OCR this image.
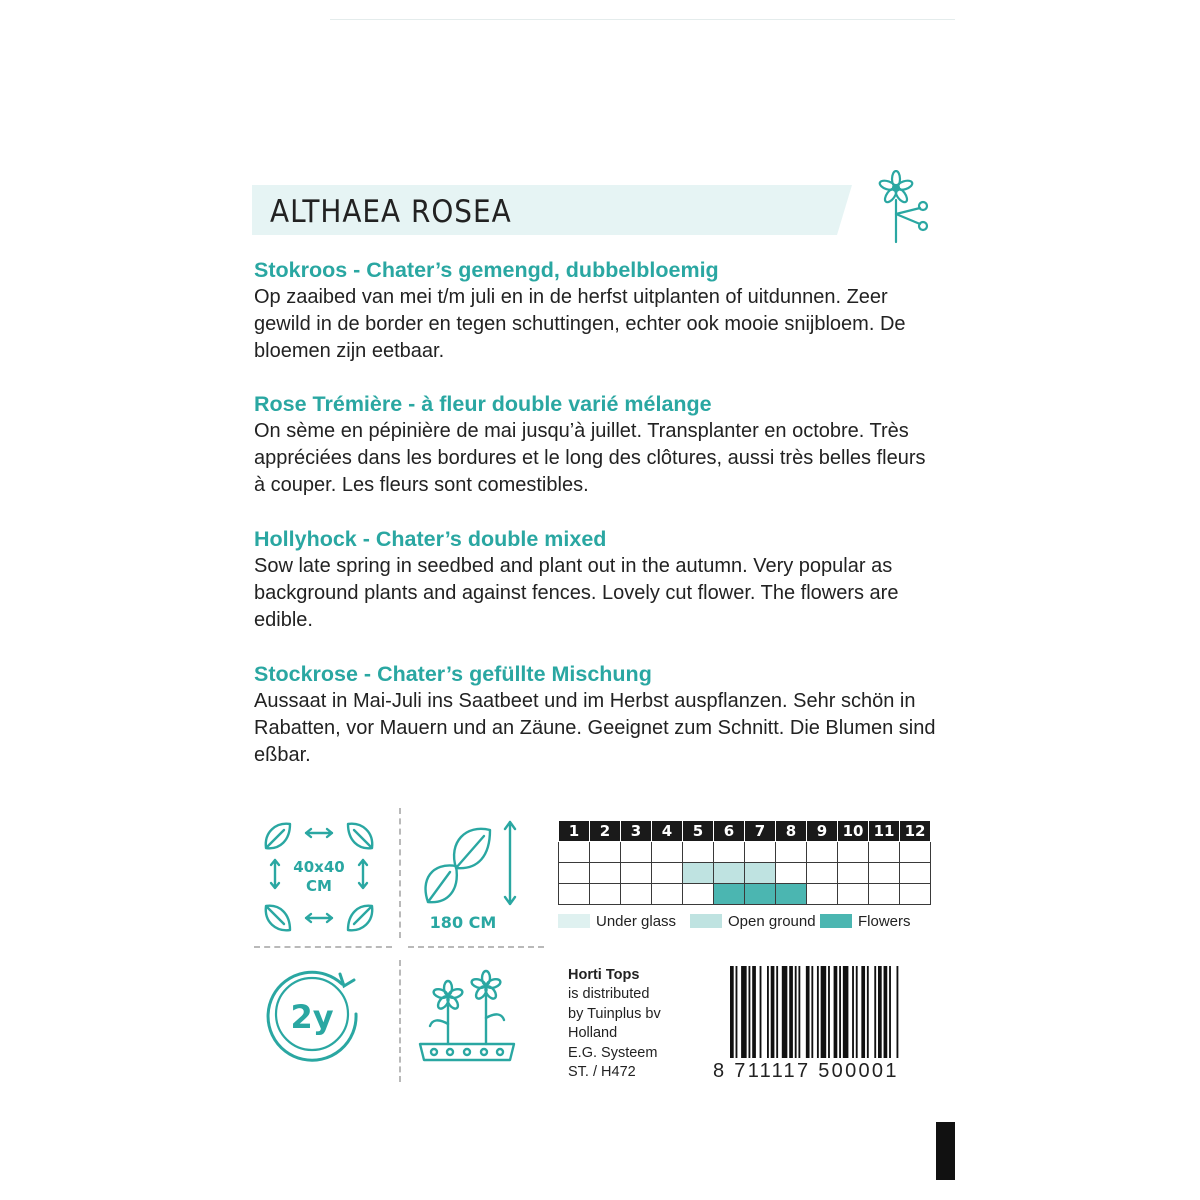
ALTHAEA ROSEA
Stokroos - Chater’s gemengd, dubbelbloemig
Op zaaibed van mei t/m juli en in de herfst uitplanten of uitdunnen. Zeer
gewild in de border en tegen schuttingen, echter ook mooie snijbloem. De
bloemen zijn eetbaar.
Rose Trémière - à fleur double varié mélange
On sème en pépinière de mai jusqu’à juillet. Transplanter en octobre. Très
appréciées dans les bordures et le long des clôtures, aussi très belles fleurs
à couper. Les fleurs sont comestibles.
Hollyhock - Chater’s double mixed
Sow late spring in seedbed and plant out in the autumn. Very popular as
background plants and against fences. Lovely cut flower. The flowers are
edible.
Stockrose - Chater’s gefüllte Mischung
Aussaat in Mai-Juli ins Saatbeet und im Herbst auspflanzen. Sehr schön in
Rabatten, vor Mauern und an Zäune. Geeignet zum Schnitt. Die Blumen sind
eßbar.
40x40
CM
180 CM
2y
1	2	3	4	5	6	7	8	9	10	11	12

Under glass	Open ground	Flowers
Horti Tops
is distributed
by Tuinplus bv
Holland
E.G. Systeem
ST. / H472	8 711117 500001
